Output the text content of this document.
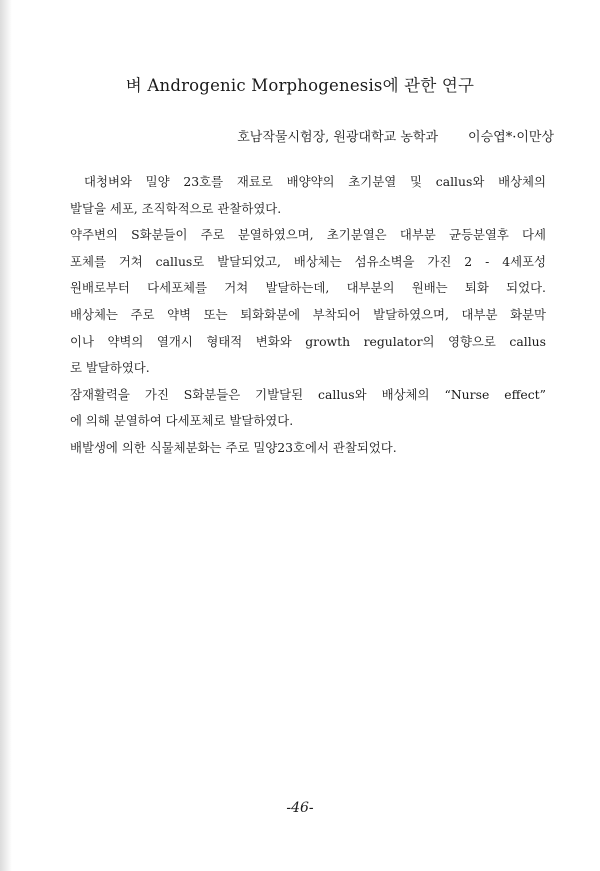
벼 Androgenic Morphogenesis에 관한 연구
호남작물시험장, 원광대학교 농학과 이승엽*·이만상
대청벼와 밀양 23호를 재료로 배양약의 초기분열 및 callus와 배상체의
발달을 세포, 조직학적으로 관찰하였다.
약주변의 S화분들이 주로 분열하였으며, 초기분열은 대부분 균등분열후 다세
포체를 거쳐 callus로 발달되었고, 배상체는 섬유소벽을 가진 2 - 4세포성
원배로부터 다세포체를 거쳐 발달하는데, 대부분의 원배는 퇴화 되었다.
배상체는 주로 약벽 또는 퇴화화분에 부착되어 발달하였으며, 대부분 화분막
이나 약벽의 열개시 형태적 변화와 growth regulator의 영향으로 callus
로 발달하였다.
잠재활력을 가진 S화분들은 기발달된 callus와 배상체의 “Nurse effect”
에 의해 분열하여 다세포체로 발달하였다.
배발생에 의한 식물체분화는 주로 밀양23호에서 관찰되었다.
-46-
